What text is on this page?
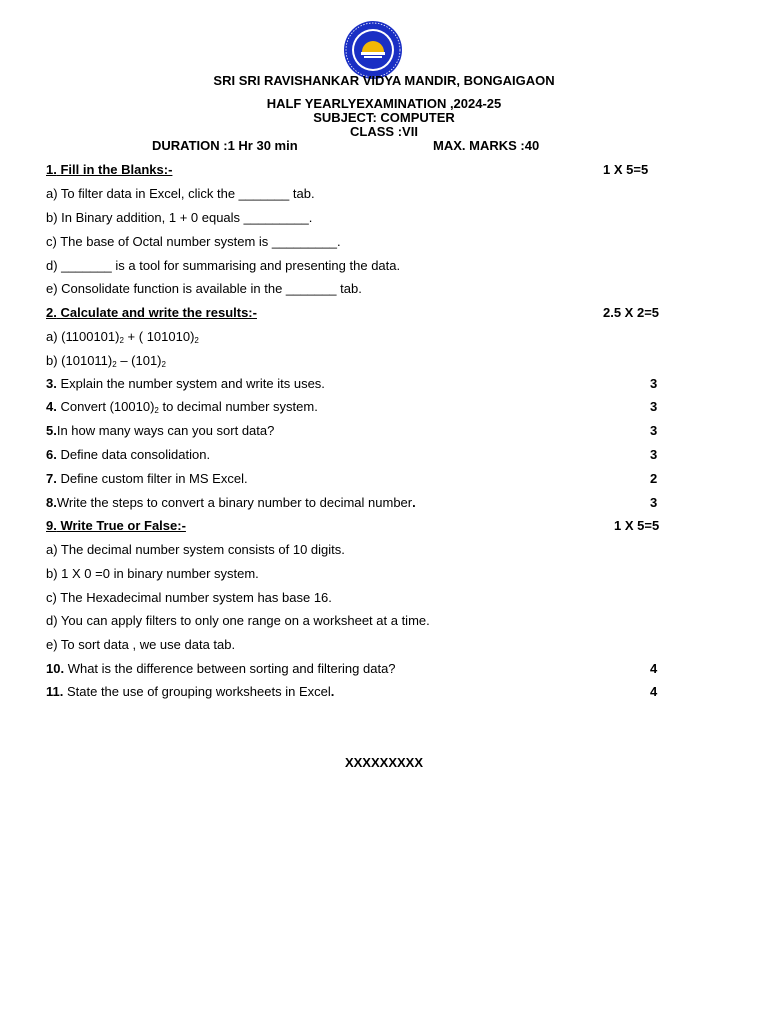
SRI SRI RAVISHANKAR VIDYA MANDIR, BONGAIGAON
HALF YEARLYEXAMINATION ,2024-25
SUBJECT: COMPUTER
CLASS :VII
DURATION :1 Hr 30 min	MAX. MARKS :40
1. Fill in the Blanks:-	1 X 5=5
a) To filter data in Excel, click the _______ tab.
b) In Binary addition, 1 + 0 equals _________.
c) The base of Octal number system is _________.
d) _______ is a tool for summarising and presenting the data.
e) Consolidate function is available in the _______ tab.
2. Calculate and write the results:-	2.5 X 2=5
a) $(1100101)_2$ + ( $101010)_2$
b) $(101011)_2 - (101)_2$
3. Explain the number system and write its uses.	3
4. Convert $(10010)_2$ to decimal number system.	3
5.In how many ways can you sort data?	3
6. Define data consolidation.	3
7. Define custom filter in MS Excel.	2
8.Write the steps to convert a binary number to decimal number.	3
9. Write True or False:-	1 X 5=5
a) The decimal number system consists of 10 digits.
b) 1 X 0 =0 in binary number system.
c) The Hexadecimal number system has base 16.
d) You can apply filters to only one range on a worksheet at a time.
e) To sort data , we use data tab.
10. What is the difference between sorting and filtering data?	4
11. State the use of grouping worksheets in Excel.	4
XXXXXXXXX
